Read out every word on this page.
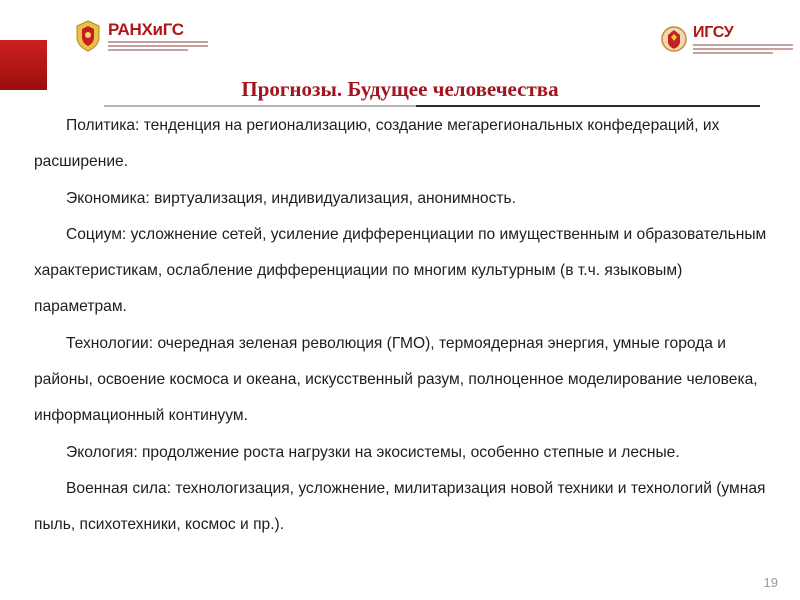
РАНХиГС	ИГСУ
Прогнозы. Будущее человечества

Политика: тенденция на регионализацию, создание мегарегиональных конфедераций, их расширение.

Экономика: виртуализация, индивидуализация, анонимность.

Социум: усложнение сетей, усиление дифференциации по имущественным и образовательным характеристикам, ослабление дифференциации по многим культурным (в т.ч. языковым) параметрам.

Технологии: очередная зеленая революция (ГМО), термоядерная энергия, умные города и районы, освоение космоса и океана, искусственный разум, полноценное моделирование человека, информационный континуум.

Экология: продолжение роста нагрузки на экосистемы, особенно степные и лесные.

Военная сила: технологизация, усложнение, милитаризация новой техники и технологий (умная пыль, психотехники, космос и пр.).

19
